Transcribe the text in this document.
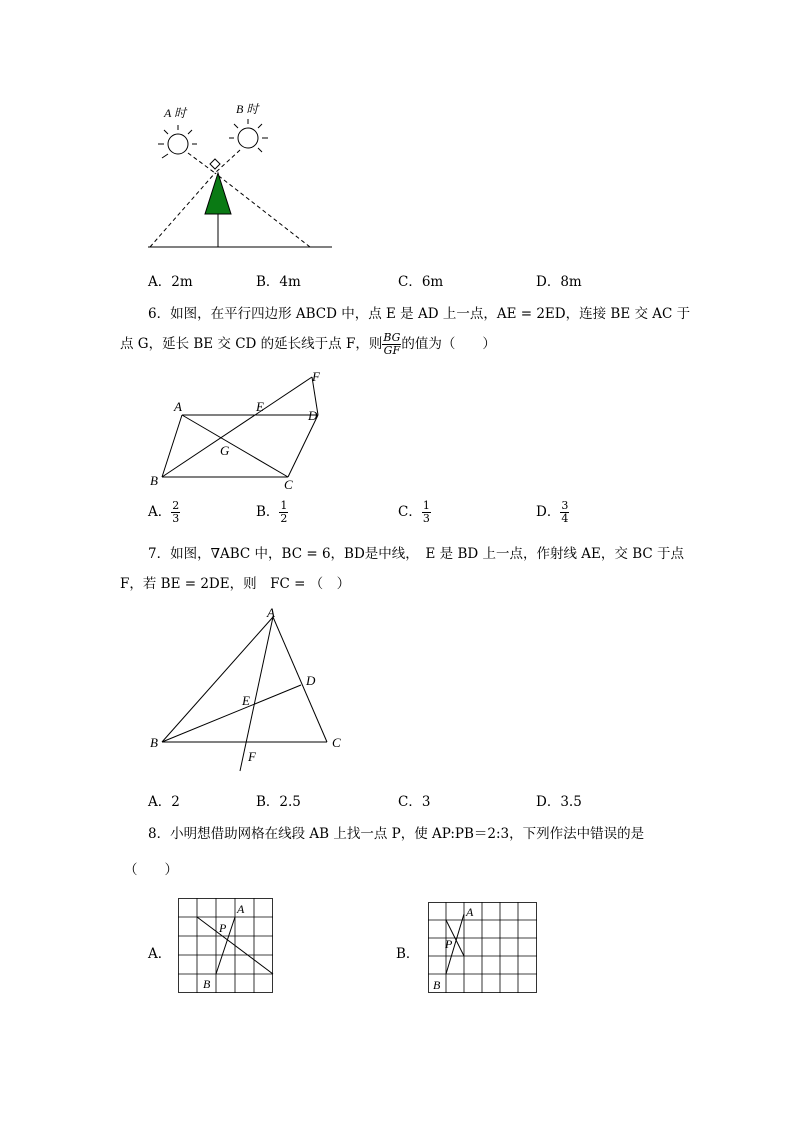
A 时	B 时
A．2m	B．4m	C．6m	D．8m
6．如图，在平行四边形 ABCD 中，点 E 是 AD 上一点，AE = 2ED，连接 BE 交 AC 于
点 G，延长 BE 交 CD 的延长线于点 F，则 $\frac{BG}{GF}$ 的值为（　　）
A	E
D
F
G
B	C
A． $\frac{2}{3}$	B． $\frac{1}{2}$	C． $\frac{1}{3}$	D． $\frac{3}{4}$
7．如图，∇ABC 中，BC = 6，BD是中线，　E 是 BD 上一点，作射线 AE，交 BC 于点
F，若 BE = 2DE，则　FC = （　）
A
D
E
B	C
F
A．2	B．2.5	C．3	D．3.5
8．小明想借助网格在线段 AB 上找一点 P，使 AP:PB＝2:3，下列作法中错误的是
（　　）
A．
A
P
B
B．
A
P
B
